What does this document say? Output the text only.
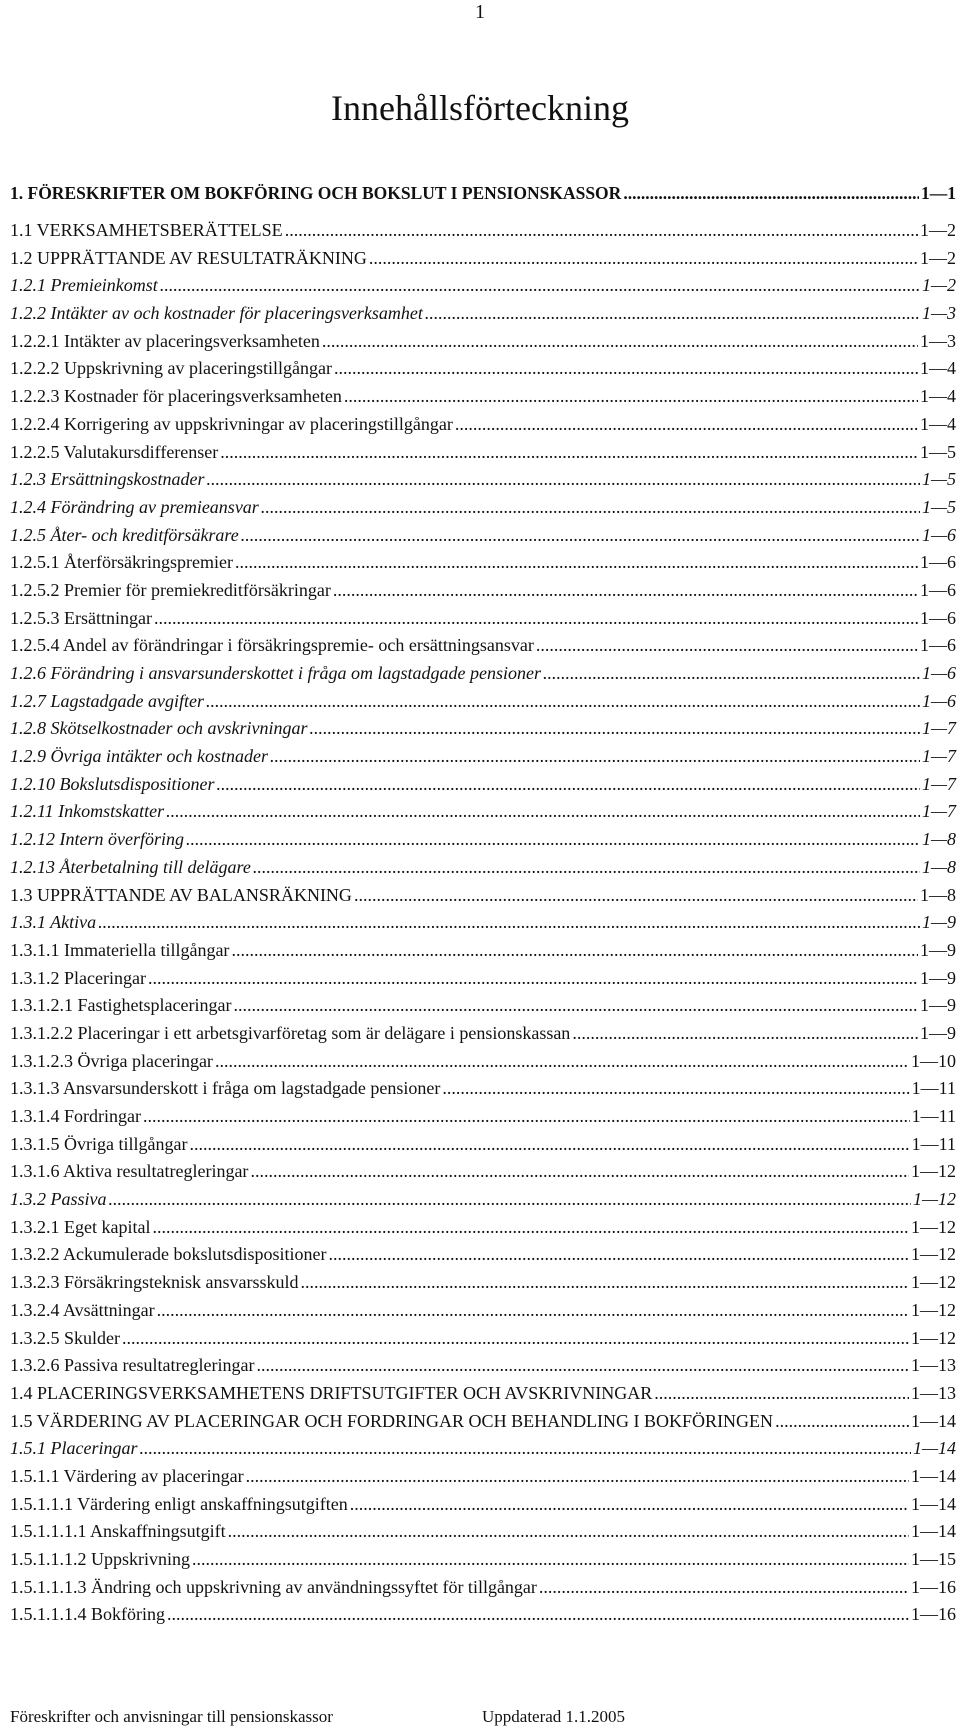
1
Innehållsförteckning
1. FÖRESKRIFTER OM BOKFÖRING OCH BOKSLUT I PENSIONSKASSOR .....	1—1
1.1 VERKSAMHETSBERÄTTELSE .....	1—2
1.2 UPPRÄTTANDE AV RESULTATRÄKNING .....	1—2
1.2.1 Premieinkomst .....	1—2
1.2.2 Intäkter av och kostnader för placeringsverksamhet .....	1—3
1.2.2.1 Intäkter av placeringsverksamheten .....	1—3
1.2.2.2 Uppskrivning av placeringstillgångar .....	1—4
1.2.2.3 Kostnader för placeringsverksamheten .....	1—4
1.2.2.4 Korrigering av uppskrivningar av placeringstillgångar .....	1—4
1.2.2.5 Valutakursdifferenser .....	1—5
1.2.3 Ersättningskostnader .....	1—5
1.2.4 Förändring av premieansvar .....	1—5
1.2.5 Åter- och kreditförsäkrare .....	1—6
1.2.5.1 Återförsäkringspremier .....	1—6
1.2.5.2 Premier för premiekreditförsäkringar .....	1—6
1.2.5.3 Ersättningar .....	1—6
1.2.5.4 Andel av förändringar i försäkringspremie- och ersättningsansvar .....	1—6
1.2.6 Förändring i ansvarsunderskottet i fråga om lagstadgade pensioner .....	1—6
1.2.7 Lagstadgade avgifter .....	1—6
1.2.8 Skötselkostnader och avskrivningar .....	1—7
1.2.9 Övriga intäkter och kostnader .....	1—7
1.2.10 Bokslutsdispositioner .....	1—7
1.2.11 Inkomstskatter .....	1—7
1.2.12 Intern överföring .....	1—8
1.2.13 Återbetalning till delägare .....	1—8
1.3 UPPRÄTTANDE AV BALANSRÄKNING .....	1—8
1.3.1 Aktiva .....	1—9
1.3.1.1 Immateriella tillgångar .....	1—9
1.3.1.2 Placeringar .....	1—9
1.3.1.2.1 Fastighetsplaceringar .....	1—9
1.3.1.2.2 Placeringar i ett arbetsgivarföretag som är delägare i pensionskassan .....	1—9
1.3.1.2.3 Övriga placeringar .....	1—10
1.3.1.3 Ansvarsunderskott i fråga om lagstadgade pensioner .....	1—11
1.3.1.4 Fordringar .....	1—11
1.3.1.5 Övriga tillgångar .....	1—11
1.3.1.6 Aktiva resultatregleringar .....	1—12
1.3.2 Passiva .....	1—12
1.3.2.1 Eget kapital .....	1—12
1.3.2.2 Ackumulerade bokslutsdispositioner .....	1—12
1.3.2.3 Försäkringsteknisk ansvarsskuld .....	1—12
1.3.2.4 Avsättningar .....	1—12
1.3.2.5 Skulder .....	1—12
1.3.2.6 Passiva resultatregleringar .....	1—13
1.4 PLACERINGSVERKSAMHETENS DRIFTSUTGIFTER OCH AVSKRIVNINGAR .....	1—13
1.5 VÄRDERING AV PLACERINGAR OCH FORDRINGAR OCH BEHANDLING I BOKFÖRINGEN .....	1—14
1.5.1 Placeringar .....	1—14
1.5.1.1 Värdering av placeringar .....	1—14
1.5.1.1.1 Värdering enligt anskaffningsutgiften .....	1—14
1.5.1.1.1.1 Anskaffningsutgift .....	1—14
1.5.1.1.1.2 Uppskrivning .....	1—15
1.5.1.1.1.3 Ändring och uppskrivning av användningssyftet för tillgångar .....	1—16
1.5.1.1.1.4 Bokföring .....	1—16
Föreskrifter och anvisningar till pensionskassor	Uppdaterad 1.1.2005
